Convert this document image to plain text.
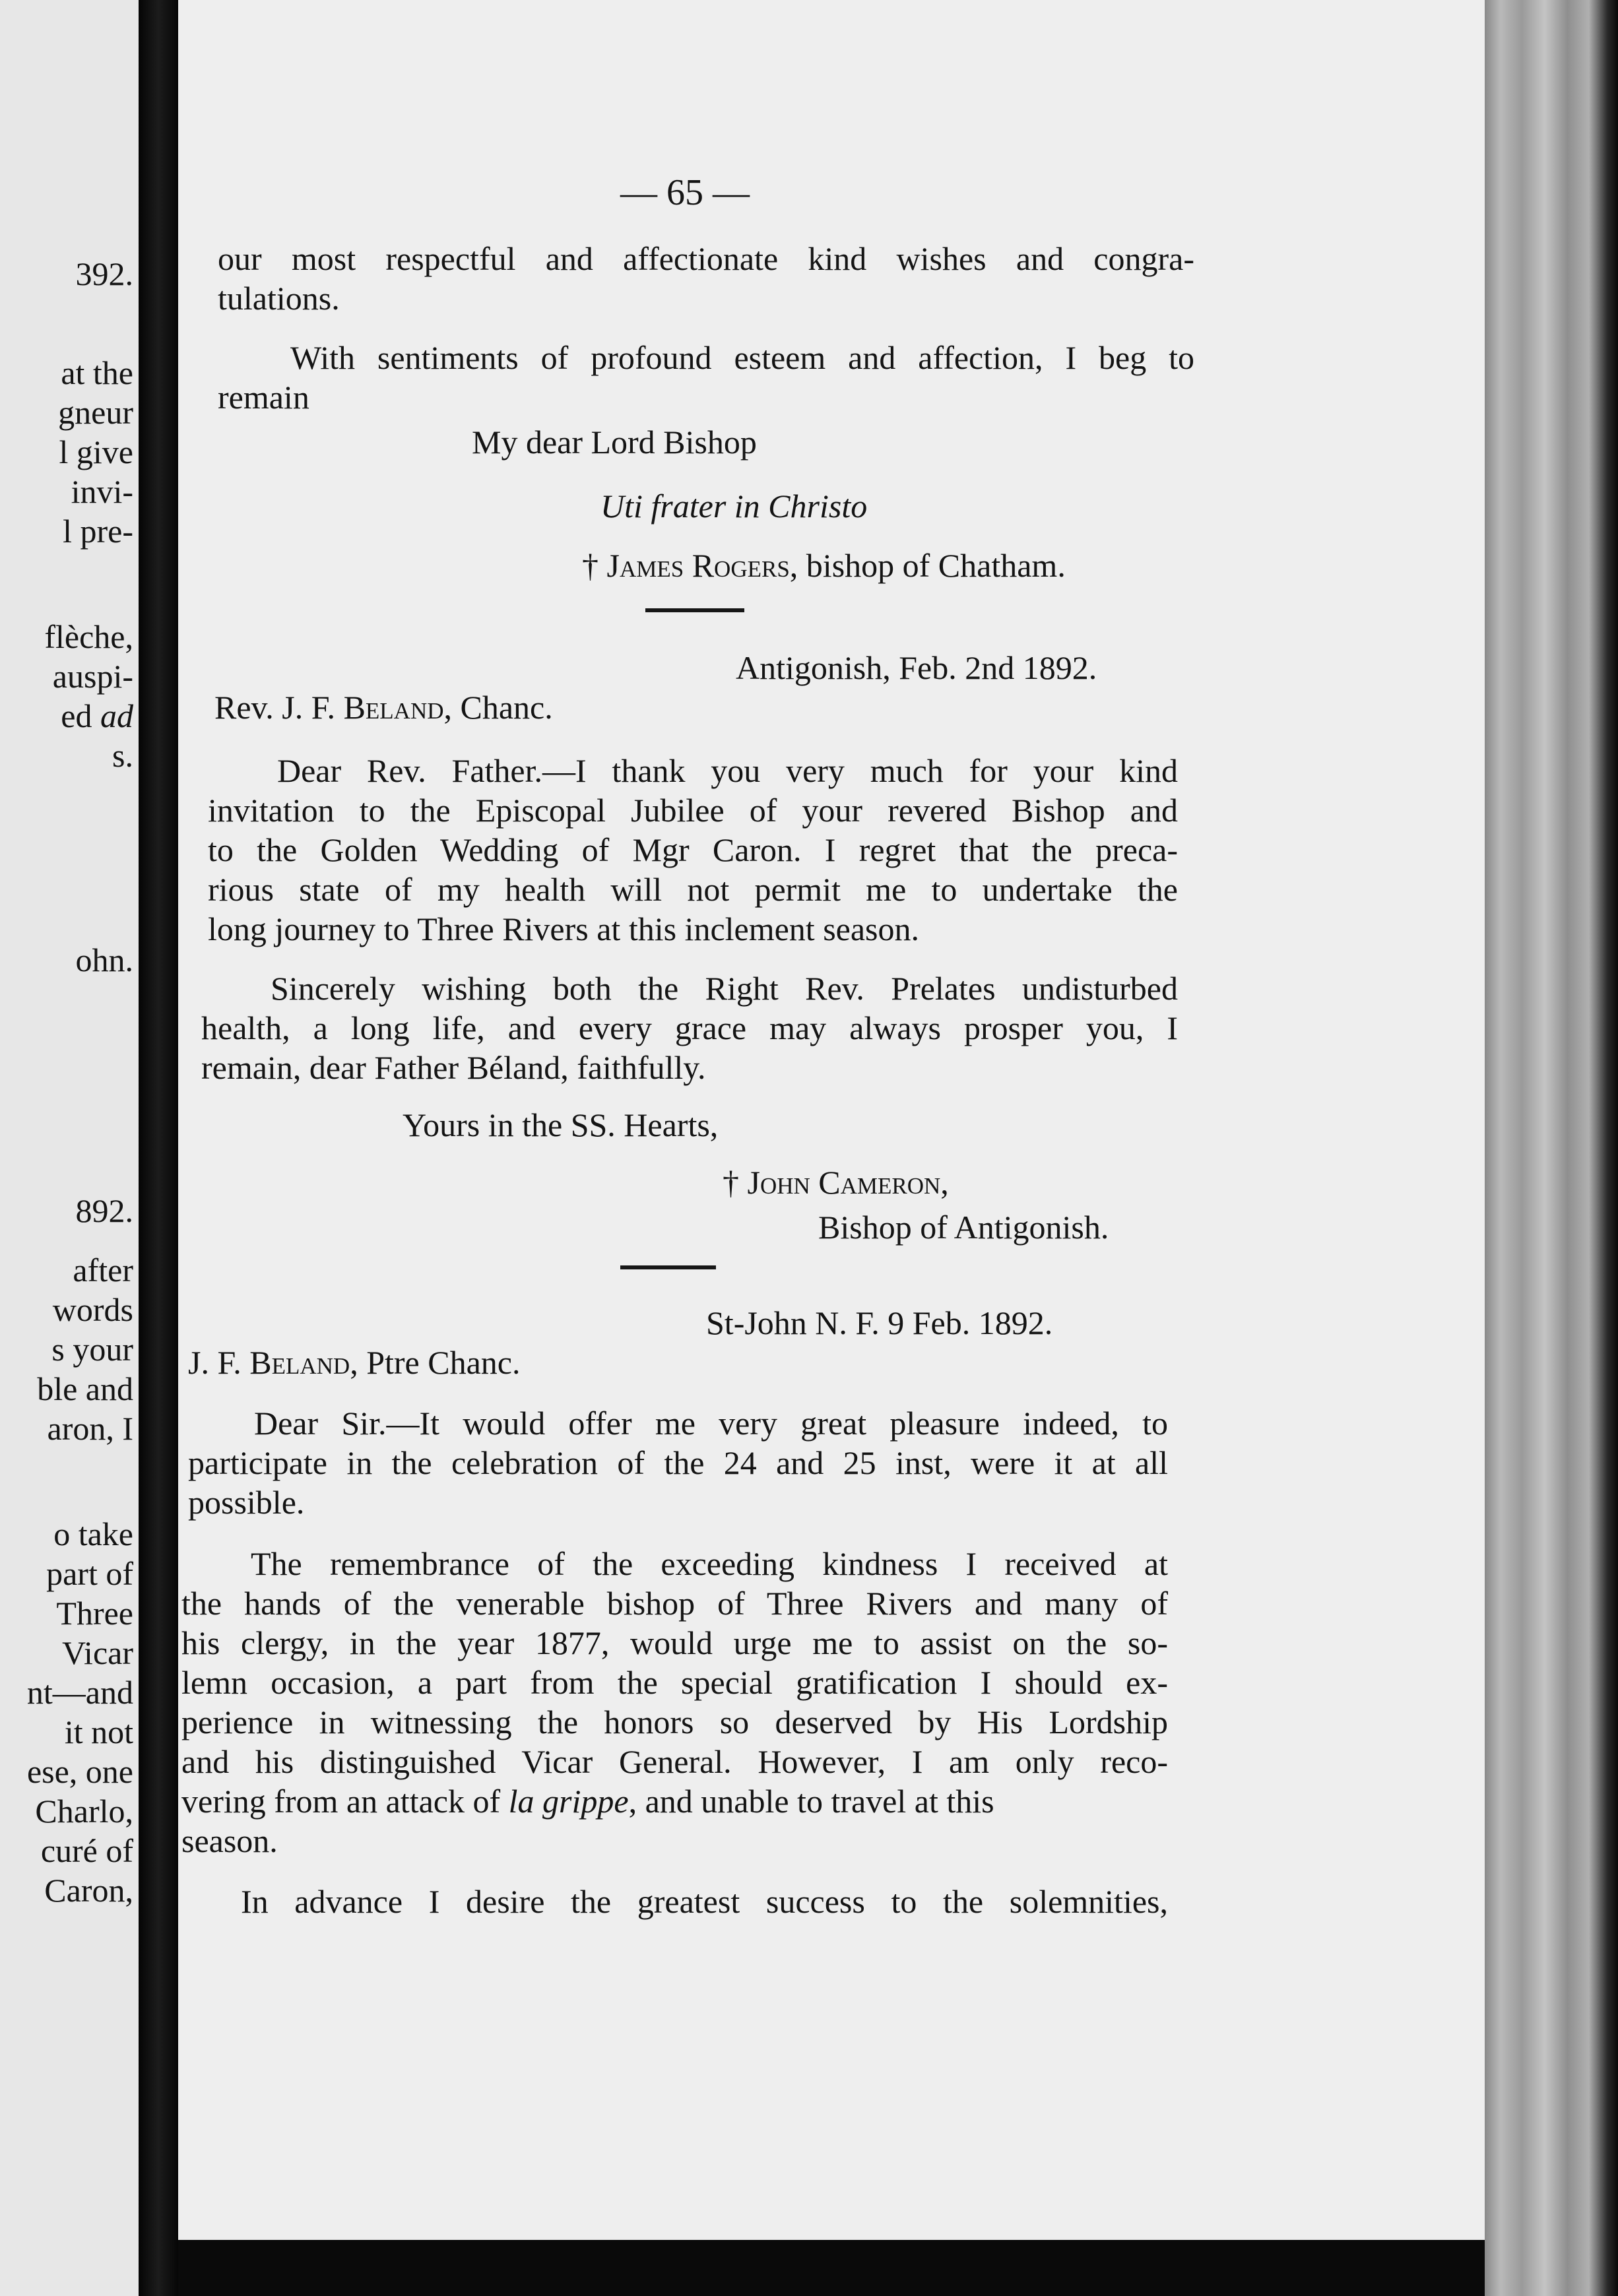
392.
at the
gneur
l give
invi-
l pre-
flèche,
auspi-
ed ad
s.
ohn.
892.
after
words
s your
ble and
aron, I
o take
part of
Three
Vicar
nt—and
it not
ese, one
Charlo,
curé of
Caron,
— 65 —
our most respectful and affectionate kind wishes and congra-
tulations.
With sentiments of profound esteem and affection, I beg to
remain
My dear Lord Bishop
Uti frater in Christo
† James Rogers, bishop of Chatham.
Antigonish, Feb. 2nd 1892.
Rev. J. F. Beland, Chanc.
Dear Rev. Father.—I thank you very much for your kind
invitation to the Episcopal Jubilee of your revered Bishop and
to the Golden Wedding of Mgr Caron. I regret that the preca-
rious state of my health will not permit me to undertake the
long journey to Three Rivers at this inclement season.
Sincerely wishing both the Right Rev. Prelates undisturbed
health, a long life, and every grace may always prosper you, I
remain, dear Father Béland, faithfully.
Yours in the SS. Hearts,
† John Cameron,
Bishop of Antigonish.
St-John N. F. 9 Feb. 1892.
J. F. Beland, Ptre Chanc.
Dear Sir.—It would offer me very great pleasure indeed, to
participate in the celebration of the 24 and 25 inst, were it at all
possible.
The remembrance of the exceeding kindness I received at
the hands of the venerable bishop of Three Rivers and many of
his clergy, in the year 1877, would urge me to assist on the so-
lemn occasion, a part from the special gratification I should ex-
perience in witnessing the honors so deserved by His Lordship
and his distinguished Vicar General. However, I am only reco-
vering from an attack of la grippe, and unable to travel at this
season.
In advance I desire the greatest success to the solemnities,
